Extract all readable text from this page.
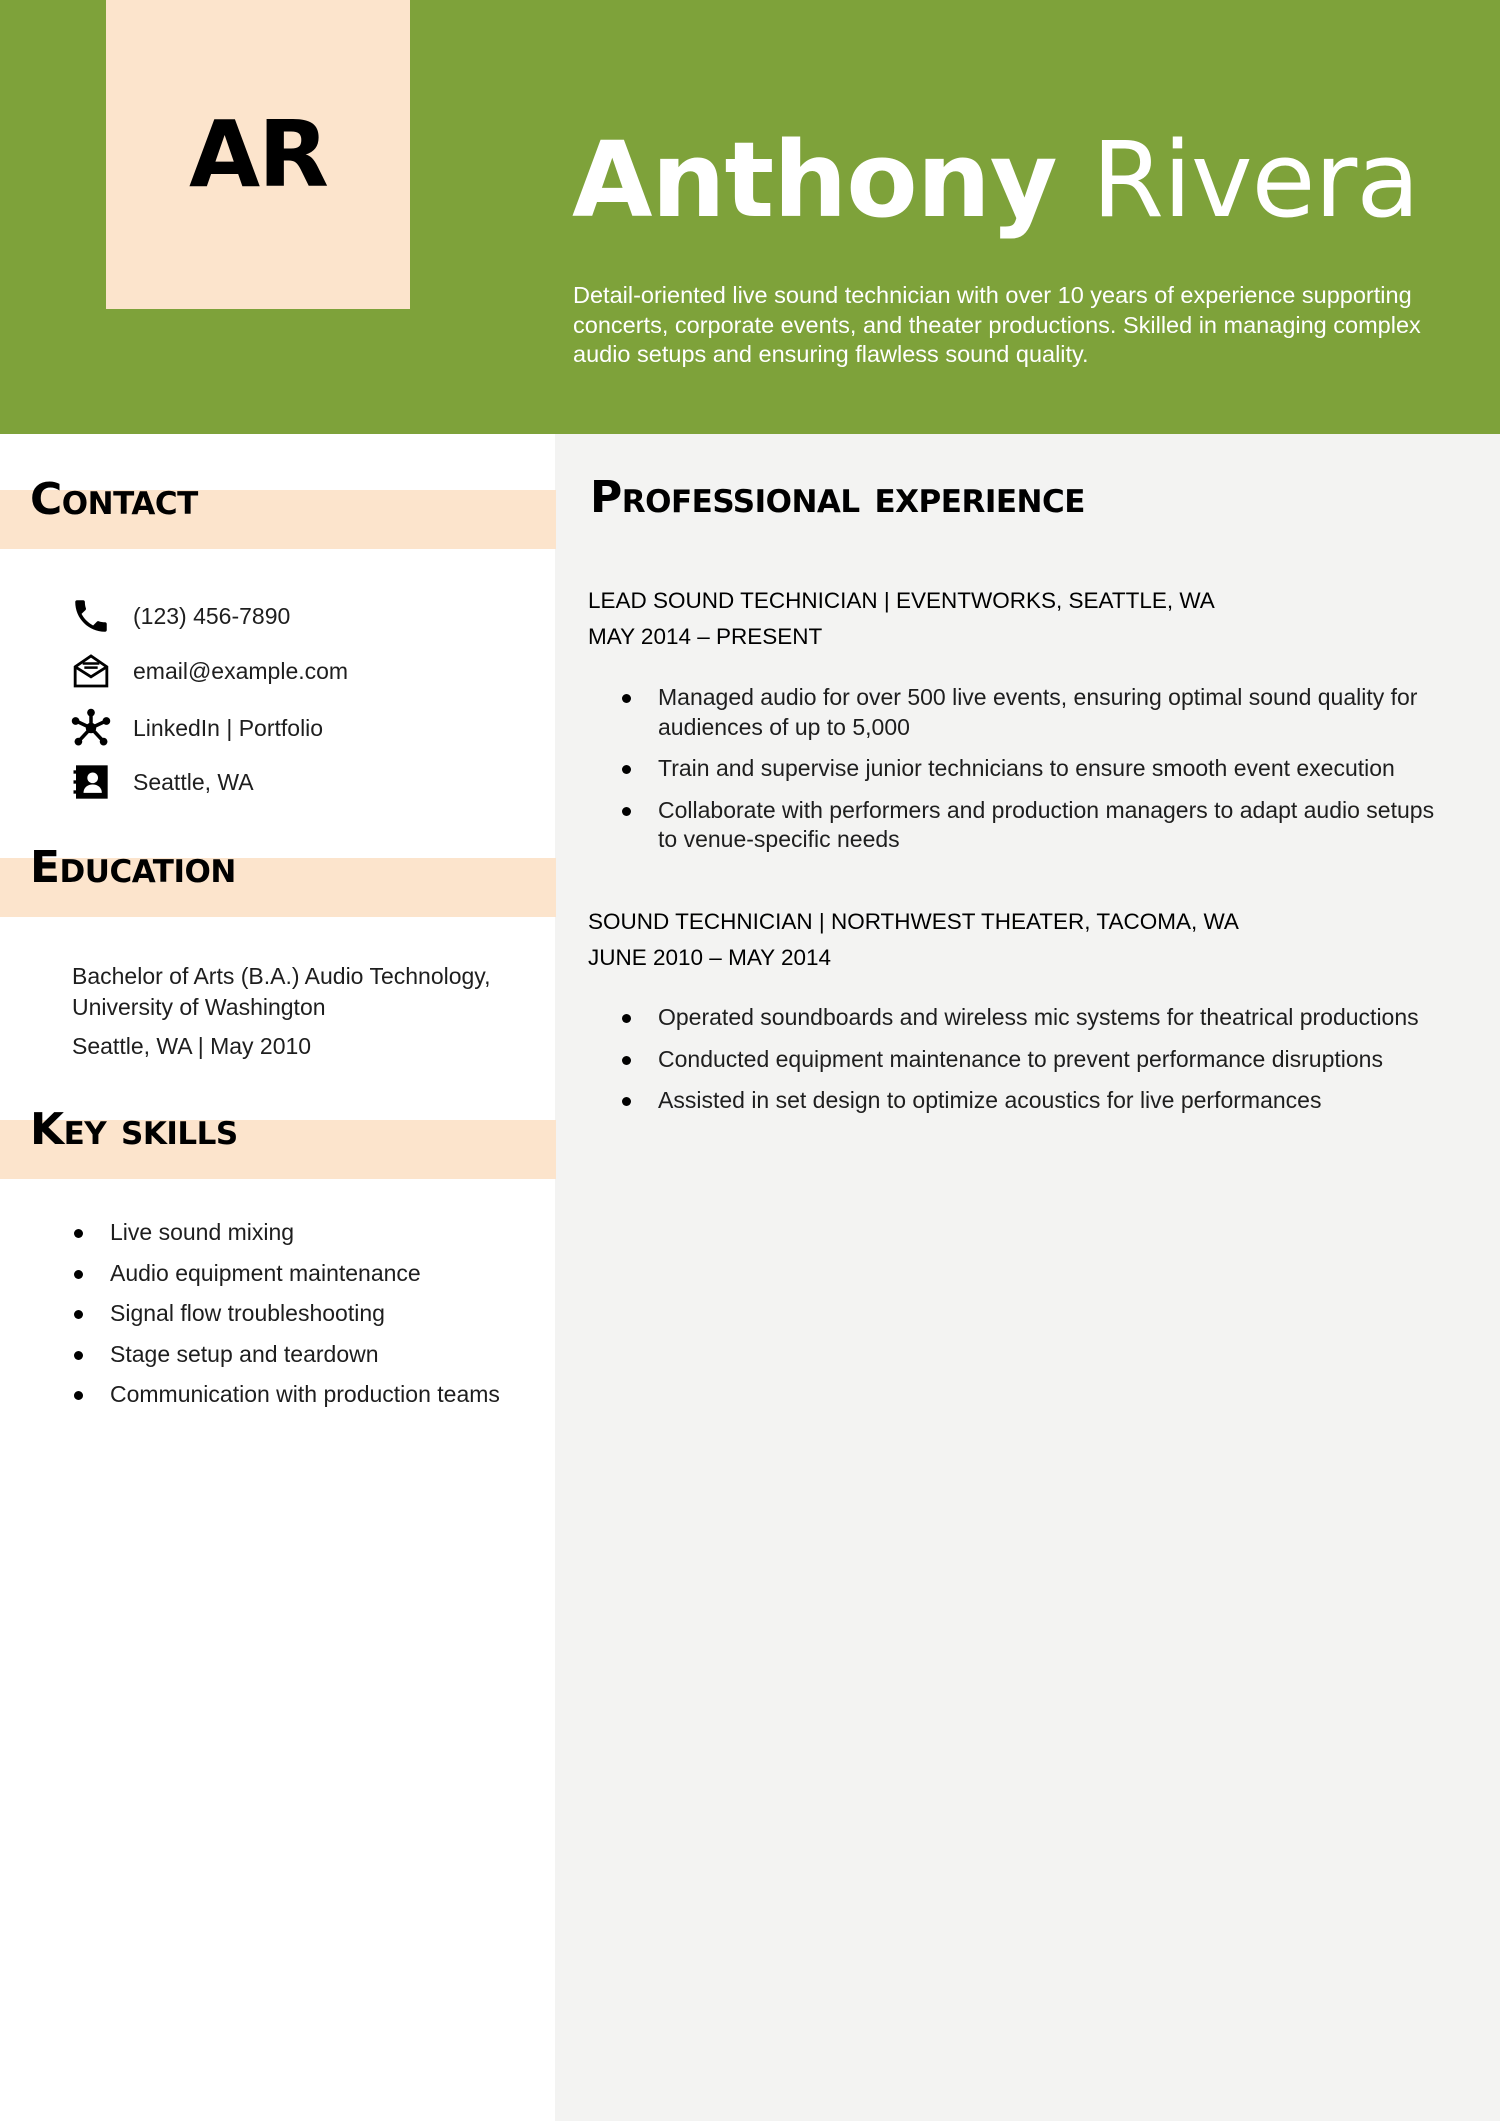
AR Anthony Rivera

Detail-oriented live sound technician with over 10 years of experience supporting concerts, corporate events, and theater productions. Skilled in managing complex audio setups and ensuring flawless sound quality.

Contact
(123) 456-7890
email@example.com
LinkedIn | Portfolio
Seattle, WA
Education

Bachelor of Arts (B.A.) Audio Technology, University of Washington

Seattle, WA | May 2010

Key skills
Live sound mixing
Audio equipment maintenance
Signal flow troubleshooting
Stage setup and teardown
Communication with production teams
Professional experience

LEAD SOUND TECHNICIAN | EVENTWORKS, SEATTLE, WA

MAY 2014 – PRESENT

Managed audio for over 500 live events, ensuring optimal sound quality for audiences of up to 5,000
Train and supervise junior technicians to ensure smooth event execution
Collaborate with performers and production managers to adapt audio setups to venue-specific needs

SOUND TECHNICIAN | NORTHWEST THEATER, TACOMA, WA

JUNE 2010 – MAY 2014

Operated soundboards and wireless mic systems for theatrical productions
Conducted equipment maintenance to prevent performance disruptions
Assisted in set design to optimize acoustics for live performances
